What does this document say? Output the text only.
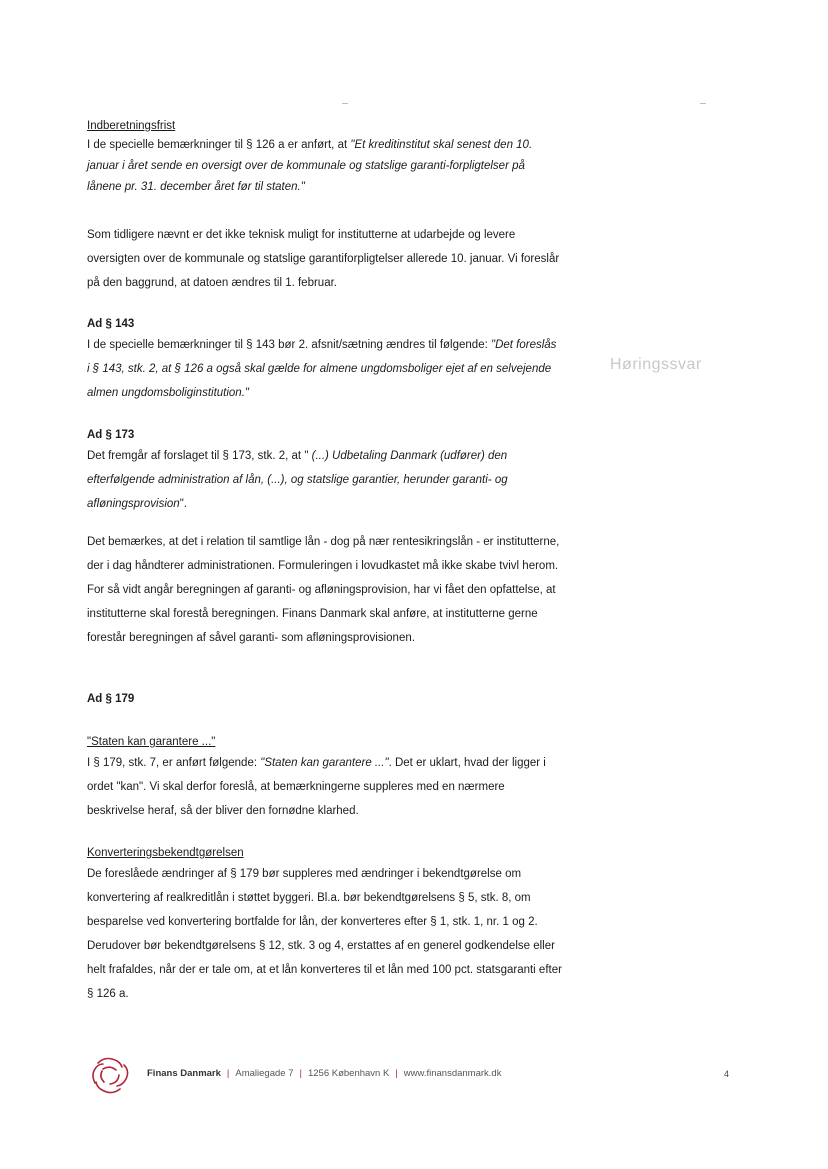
Høringssvar

Indberetningsfrist

I de specielle bemærkninger til § 126 a er anført, at "Et kreditinstitut skal senest den 10. januar i året sende en oversigt over de kommunale og statslige garanti-forpligtelser på lånene pr. 31. december året før til staten."

Som tidligere nævnt er det ikke teknisk muligt for institutterne at udarbejde og levere oversigten over de kommunale og statslige garantiforpligtelser allerede 10. januar. Vi foreslår på den baggrund, at datoen ændres til 1. februar.

Ad § 143

I de specielle bemærkninger til § 143 bør 2. afsnit/sætning ændres til følgende: "Det foreslås i § 143, stk. 2, at § 126 a også skal gælde for almene ungdomsboliger ejet af en selvejende almen ungdomsboliginstitution."

Ad § 173

Det fremgår af forslaget til § 173, stk. 2, at " (...) Udbetaling Danmark (udfører) den efterfølgende administration af lån, (...), og statslige garantier, herunder garanti- og afløningsprovision".

Det bemærkes, at det i relation til samtlige lån - dog på nær rentesikringslån - er institutterne, der i dag håndterer administrationen. Formuleringen i lovudkastet må ikke skabe tvivl herom. For så vidt angår beregningen af garanti- og afløningsprovision, har vi fået den opfattelse, at institutterne skal forestå beregningen. Finans Danmark skal anføre, at institutterne gerne forestår beregningen af såvel garanti- som afløningsprovisionen.

Ad § 179

"Staten kan garantere ..."

I § 179, stk. 7, er anført følgende: "Staten kan garantere ...". Det er uklart, hvad der ligger i ordet "kan". Vi skal derfor foreslå, at bemærkningerne suppleres med en nærmere beskrivelse heraf, så der bliver den fornødne klarhed.

Konverteringsbekendtgørelsen

De foreslåede ændringer af § 179 bør suppleres med ændringer i bekendtgørelse om konvertering af realkreditlån i støttet byggeri. Bl.a. bør bekendtgørelsens § 5, stk. 8, om besparelse ved konvertering bortfalde for lån, der konverteres efter § 1, stk. 1, nr. 1 og 2. Derudover bør bekendtgørelsens § 12, stk. 3 og 4, erstattes af en generel godkendelse eller helt frafaldes, når der er tale om, at et lån konverteres til et lån med 100 pct. statsgaranti efter § 126 a.

Finans Danmark | Amaliegade 7 | 1256 København K | www.finansdanmark.dk	4
